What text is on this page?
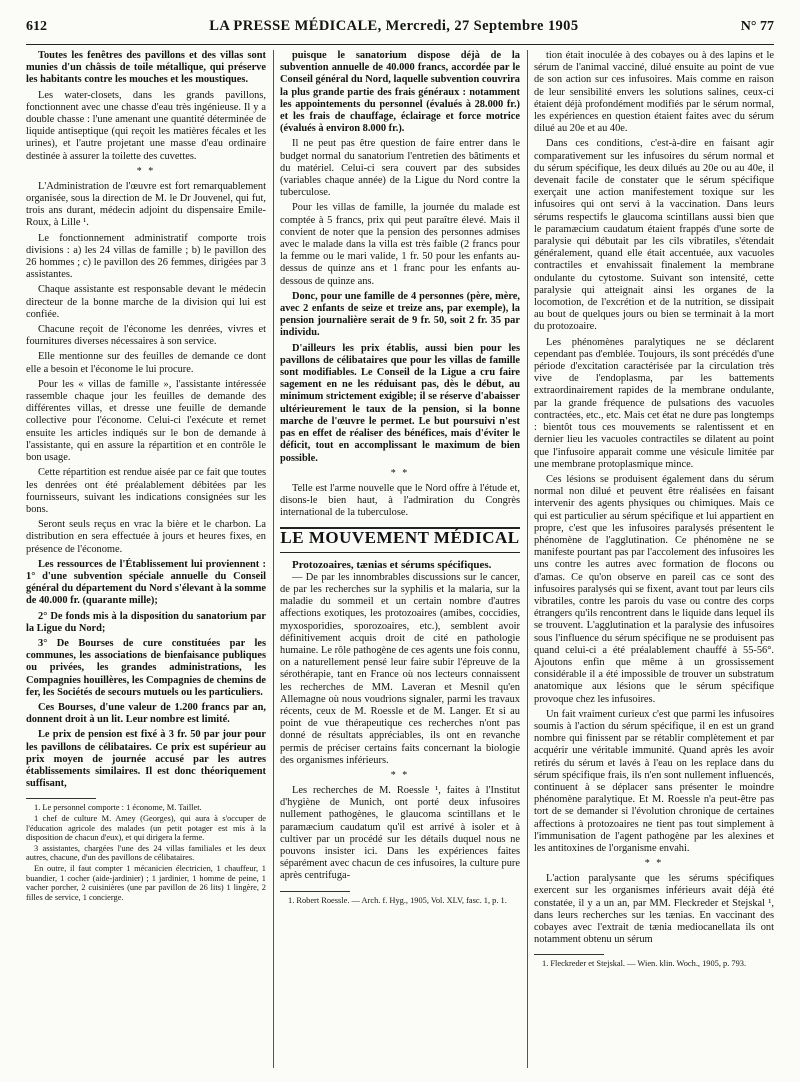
612	LA PRESSE MÉDICALE, Mercredi, 27 Septembre 1905	N° 77

Toutes les fenêtres des pavillons et des villas sont munies d'un châssis de toile métallique, qui préserve les habitants contre les mouches et les moustiques.

Les water-closets, dans les grands pavillons, fonctionnent avec une chasse d'eau très ingénieuse. Il y a double chasse : l'une amenant une quantité déterminée de liquide antiseptique (qui reçoit les matières fécales et les urines), et l'autre projetant une masse d'eau ordinaire destinée à assurer la toilette des cuvettes.

* *

L'Administration de l'œuvre est fort remarquablement organisée, sous la direction de M. le Dr Jouvenel, qui fut, trois ans durant, médecin adjoint du dispensaire Emile-Roux, à Lille ¹.

Le fonctionnement administratif comporte trois divisions : a) les 24 villas de famille ; b) le pavillon des 26 hommes ; c) le pavillon des 26 femmes, dirigées par 3 assistantes.

Chaque assistante est responsable devant le médecin directeur de la bonne marche de la division qui lui est confiée.

Chacune reçoit de l'économe les denrées, vivres et fournitures diverses nécessaires à son service.

Elle mentionne sur des feuilles de demande ce dont elle a besoin et l'économe le lui procure.

Pour les « villas de famille », l'assistante intéressée rassemble chaque jour les feuilles de demande des différentes villas, et dresse une feuille de demande collective pour l'économe. Celui-ci l'exécute et remet ensuite les articles indiqués sur le bon de demande à l'assistante, qui en assure la répartition et en contrôle le bon usage.

Cette répartition est rendue aisée par ce fait que toutes les denrées ont été préalablement débitées par les fournisseurs, suivant les indications consignées sur les bons.

Seront seuls reçus en vrac la bière et le charbon. La distribution en sera effectuée à jours et heures fixes, en présence de l'économe.

Les ressources de l'Établissement lui proviennent : 1° d'une subvention spéciale annuelle du Conseil général du département du Nord s'élevant à la somme de 40.000 fr. (quarante mille);

2° De fonds mis à la disposition du sanatorium par la Ligue du Nord;

3° De Bourses de cure constituées par les communes, les associations de bienfaisance publiques ou privées, les grandes administrations, les Compagnies houillères, les Compagnies de chemins de fer, les Sociétés de secours mutuels ou les particuliers.

Ces Bourses, d'une valeur de 1.200 francs par an, donnent droit à un lit. Leur nombre est limité.

Le prix de pension est fixé à 3 fr. 50 par jour pour les pavillons de célibataires. Ce prix est supérieur au prix moyen de journée accusé par les autres établissements similaires. Il est donc théoriquement suffisant,

1. Le personnel comporte : 1 économe, M. Taillet.

1 chef de culture M. Amey (Georges), qui aura à s'occuper de l'éducation agricole des malades (un petit potager est mis à la disposition de chacun d'eux), et qui dirigera la ferme.

3 assistantes, chargées l'une des 24 villas familiales et les deux autres, chacune, d'un des pavillons de célibataires.

En outre, il faut compter 1 mécanicien électricien, 1 chauffeur, 1 buandier, 1 cocher (aide-jardinier) ; 1 jardinier, 1 homme de peine, 1 vacher porcher, 2 cuisinières (une par pavillon de 26 lits) 1 lingère, 2 filles de service, 1 concierge.

puisque le sanatorium dispose déjà de la subvention annuelle de 40.000 francs, accordée par le Conseil général du Nord, laquelle subvention couvrira la plus grande partie des frais généraux : notamment les appointements du personnel (évalués à 28.000 fr.) et les frais de chauffage, éclairage et force motrice (évalués à environ 8.000 fr.).

Il ne peut pas être question de faire entrer dans le budget normal du sanatorium l'entretien des bâtiments et du matériel. Celui-ci sera couvert par des subsides (variables chaque année) de la Ligue du Nord contre la tuberculose.

Pour les villas de famille, la journée du malade est comptée à 5 francs, prix qui peut paraître élevé. Mais il convient de noter que la pension des personnes admises avec le malade dans la villa est très faible (2 francs pour la femme ou le mari valide, 1 fr. 50 pour les enfants au-dessus de quinze ans et 1 franc pour les enfants au-dessous de quinze ans.

Donc, pour une famille de 4 personnes (père, mère, avec 2 enfants de seize et treize ans, par exemple), la pension journalière serait de 9 fr. 50, soit 2 fr. 35 par individu.

D'ailleurs les prix établis, aussi bien pour les pavillons de célibataires que pour les villas de famille sont modifiables. Le Conseil de la Ligue a cru faire sagement en ne les réduisant pas, dès le début, au minimum strictement exigible; il se réserve d'abaisser ultérieurement le taux de la pension, si la bonne marche de l'œuvre le permet. Le but poursuivi n'est pas en effet de réaliser des bénéfices, mais d'éviter le déficit, tout en accomplissant le maximum de bien possible.

* *

Telle est l'arme nouvelle que le Nord offre à l'étude et, disons-le bien haut, à l'admiration du Congrès international de la tuberculose.

LE MOUVEMENT MÉDICAL

Protozoaires, tænias et sérums spécifiques.

— De par les innombrables discussions sur le cancer, de par les recherches sur la syphilis et la malaria, sur la maladie du sommeil et un certain nombre d'autres affections exotiques, les protozoaires (amibes, coccidies, myxosporidies, sporozoaires, etc.), semblent avoir définitivement acquis droit de cité en pathologie humaine. Le rôle pathogène de ces agents une fois connu, on a naturellement pensé leur faire subir l'épreuve de la sérothérapie, tant en France où nos lecteurs connaissent les recherches de MM. Laveran et Mesnil qu'en Allemagne où nous voudrions signaler, parmi les travaux récents, ceux de M. Roessle et de M. Langer. Et si au point de vue thérapeutique ces recherches n'ont pas donné de résultats appréciables, ils ont en revanche permis de préciser certains faits concernant la biologie des organismes inférieurs.

* *

Les recherches de M. Roessle ¹, faites à l'Institut d'hygiène de Munich, ont porté deux infusoires nullement pathogènes, le glaucoma scintillans et le paramæcium caudatum qu'il est arrivé à isoler et à cultiver par un procédé sur les détails duquel nous ne pouvons insister ici. Dans les expériences faites séparément avec chacun de ces infusoires, la culture pure après centrifuga-

1. Robert Roessle. — Arch. f. Hyg., 1905, Vol. XLV, fasc. 1, p. 1.

tion était inoculée à des cobayes ou à des lapins et le sérum de l'animal vacciné, dilué ensuite au point de vue de son action sur ces infusoires. Mais comme en raison de leur sensibilité envers les solutions salines, ceux-ci étaient déjà profondément modifiés par le sérum normal, les expériences en question étaient faites avec du sérum dilué au 20e et au 40e.

Dans ces conditions, c'est-à-dire en faisant agir comparativement sur les infusoires du sérum normal et du sérum spécifique, les deux dilués au 20e ou au 40e, il devenait facile de constater que le sérum spécifique exerçait une action manifestement toxique sur les infusoires qui ont servi à la vaccination. Dans leurs sérums respectifs le glaucoma scintillans aussi bien que le paramæcium caudatum étaient frappés d'une sorte de paralysie qui débutait par les cils vibratiles, s'étendait généralement, quand elle était accentuée, aux vacuoles contractiles et envahissait finalement la membrane ondulante du cytostome. Suivant son intensité, cette paralysie qui atteignait ainsi les organes de la locomotion, de l'excrétion et de la nutrition, se dissipait au bout de quelques jours ou bien se terminait à la mort du protozoaire.

Les phénomènes paralytiques ne se déclarent cependant pas d'emblée. Toujours, ils sont précédés d'une période d'excitation caractérisée par la circulation très vive de l'endoplasma, par les battements extraordinairement rapides de la membrane ondulante, par la grande fréquence de pulsations des vacuoles contractées, etc., etc. Mais cet état ne dure pas longtemps : bientôt tous ces mouvements se ralentissent et en dernier lieu les vacuoles contractiles se dilatent au point que l'infusoire apparait comme une vésicule limitée par une membrane protoplasmique mince.

Ces lésions se produisent également dans du sérum normal non dilué et peuvent être réalisées en faisant intervenir des agents physiques ou chimiques. Mais ce qui est particulier au sérum spécifique et lui appartient en propre, c'est que les infusoires paralysés présentent le phénomène de l'agglutination. Ce phénomène ne se manifeste pourtant pas par l'accolement des infusoires les uns contre les autres avec formation de flocons ou d'amas. Ce qu'on observe en pareil cas ce sont des infusoires paralysés qui se fixent, avant tout par leurs cils vibratiles, contre les parois du vase ou contre des corps étrangers qu'ils rencontrent dans le liquide dans lequel ils se trouvent. L'agglutination et la paralysie des infusoires sous l'influence du sérum spécifique ne se produisent pas quand celui-ci a été préalablement chauffé à 55-56°. Ajoutons enfin que même à un grossissement considérable il a été impossible de trouver un substratum anatomique aux lésions que le sérum spécifique provoque chez les infusoires.

Un fait vraiment curieux c'est que parmi les infusoires soumis à l'action du sérum spécifique, il en est un grand nombre qui finissent par se rétablir complètement et par acquérir une véritable immunité. Quand après les avoir retirés du sérum et lavés à l'eau on les replace dans du sérum spécifique frais, ils n'en sont nullement influencés, continuent à se déplacer sans présenter le moindre phénomène paralytique. Et M. Roessle n'a peut-être pas tort de se demander si l'évolution chronique de certaines affections à protozoaires ne tient pas tout simplement à l'immunisation de l'agent pathogène par les alexines et les antitoxines de l'organisme envahi.

* *

L'action paralysante que les sérums spécifiques exercent sur les organismes inférieurs avait déjà été constatée, il y a un an, par MM. Fleckreder et Stejskal ¹, dans leurs recherches sur les tænias. En vaccinant des cobayes avec l'extrait de tænia mediocanellata ils ont notamment obtenu un sérum

1. Fleckreder et Stejskal. — Wien. klin. Woch., 1905, p. 793.
